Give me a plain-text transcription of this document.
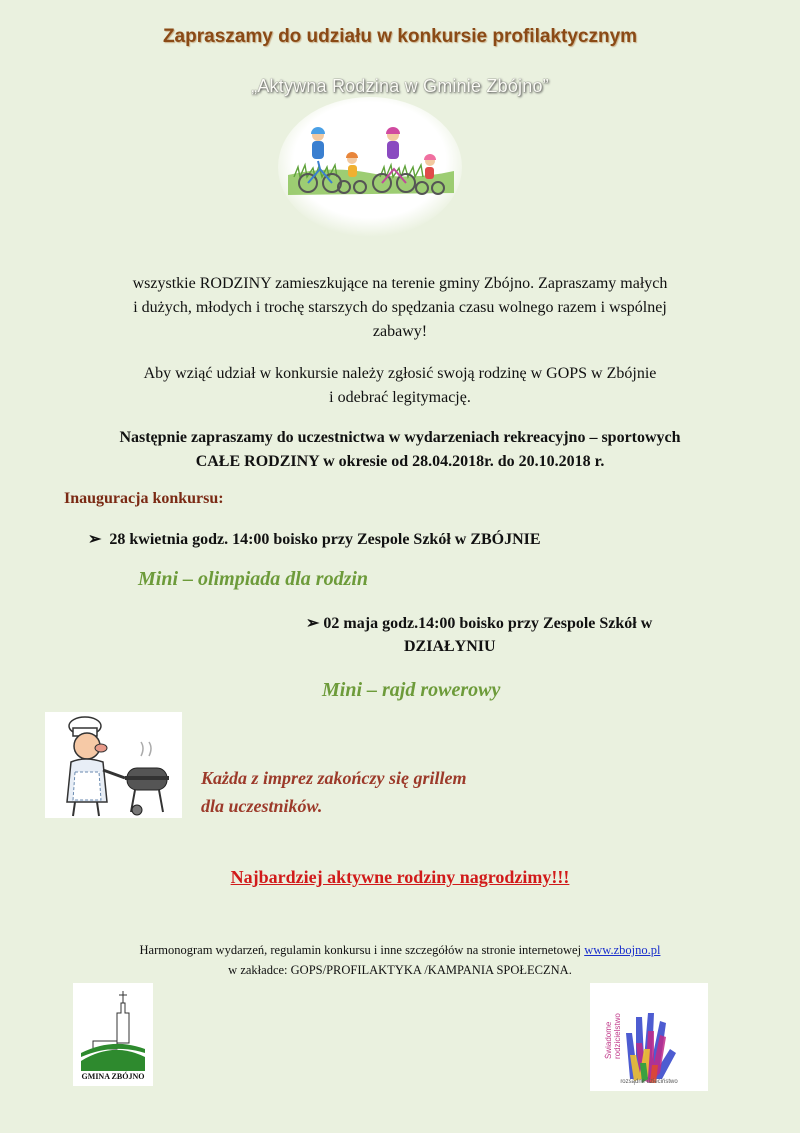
Zapraszamy do udziału w konkursie profilaktycznym
„Aktywna Rodzina w Gminie Zbójno”
wszystkie RODZINY zamieszkujące na terenie gminy Zbójno. Zapraszamy małych
i dużych, młodych i trochę starszych do spędzania czasu wolnego razem i wspólnej
zabawy!
Aby wziąć udział w konkursie należy zgłosić swoją rodzinę w GOPS w Zbójnie
i odebrać legitymację.
Następnie zapraszamy do uczestnictwa w wydarzeniach rekreacyjno – sportowych
CAŁE RODZINY w okresie od 28.04.2018r. do 20.10.2018 r.
Inauguracja konkursu:
➢ 28 kwietnia godz. 14:00 boisko przy Zespole Szkół w ZBÓJNIE
Mini – olimpiada dla rodzin
➢ 02 maja godz.14:00 boisko przy Zespole Szkół w
DZIAŁYNIU
Mini – rajd rowerowy
Każda z imprez zakończy się grillem
dla uczestników.
Najbardziej aktywne rodziny nagrodzimy!!!
Harmonogram wydarzeń, regulamin konkursu i inne szczegółów na stronie internetowej www.zbojno.pl
w zakładce: GOPS/PROFILAKTYKA /KAMPANIA SPOŁECZNA.
GMINA ZBÓJNO
Świadome rodzicielstwo
rozsądne dzieciństwo
